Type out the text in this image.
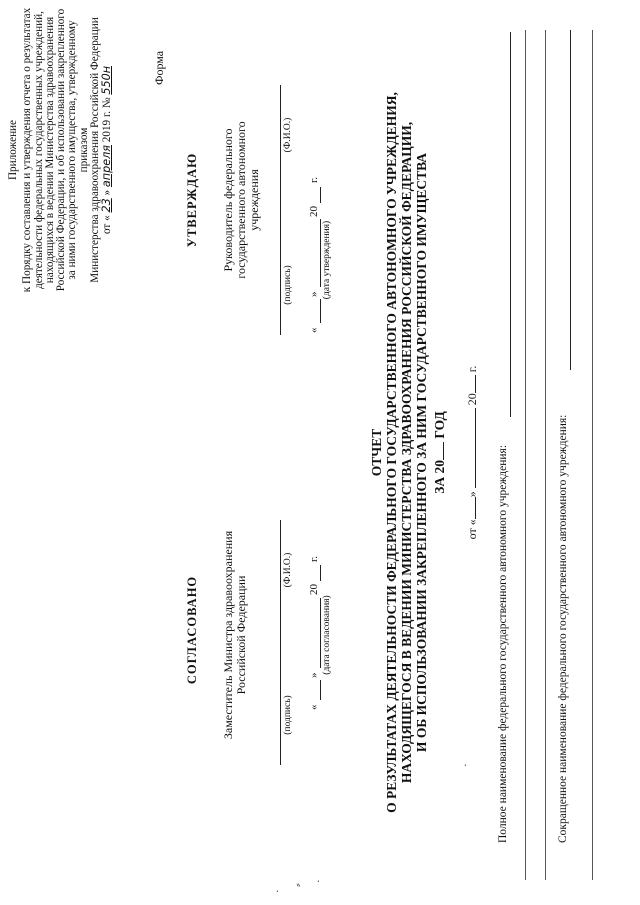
Приложение к Порядку составления и утверждения отчета о результатах деятельности федеральных государственных учреждений, находящихся в ведении Министерства здравоохранения Российской Федерации, и об использовании закрепленного за ними государственного имущества, утвержденному приказом Министерства здравоохранения Российской Федерации от « 23 » апреля 2019 г. № 550н	Форма
СОГЛАСОВАНО Заместитель Министра здравоохранения Российской Федерации
(подпись)
(Ф.И.О.)
«
»
20
г.
(дата согласования)
УТВЕРЖДАЮ Руководитель федерального государственного автономного учреждения
(подпись)
(Ф.И.О.)
«
»
20
г.
(дата утверждения)
ОТЧЕТ О РЕЗУЛЬТАТАХ ДЕЯТЕЛЬНОСТИ ФЕДЕРАЛЬНОГО ГОСУДАРСТВЕННОГО АВТОНОМНОГО УЧРЕЖДЕНИЯ, НАХОДЯЩЕГОСЯ В ВЕДЕНИИ МИНИСТЕРСТВА ЗДРАВООХРАНЕНИЯ РОССИЙСКОЙ ФЕДЕРАЦИИ, И ОБ ИСПОЛЬЗОВАНИИ ЗАКРЕПЛЕННОГО ЗА НИМ ГОСУДАРСТВЕННОГО ИМУЩЕСТВА ЗА 20 ГОД
от «»  20 г.
Полное наименование федерального государственного автономного учреждения:	Сокращенное наименование федерального государственного автономного учреждения:
·
⸗
·
·
